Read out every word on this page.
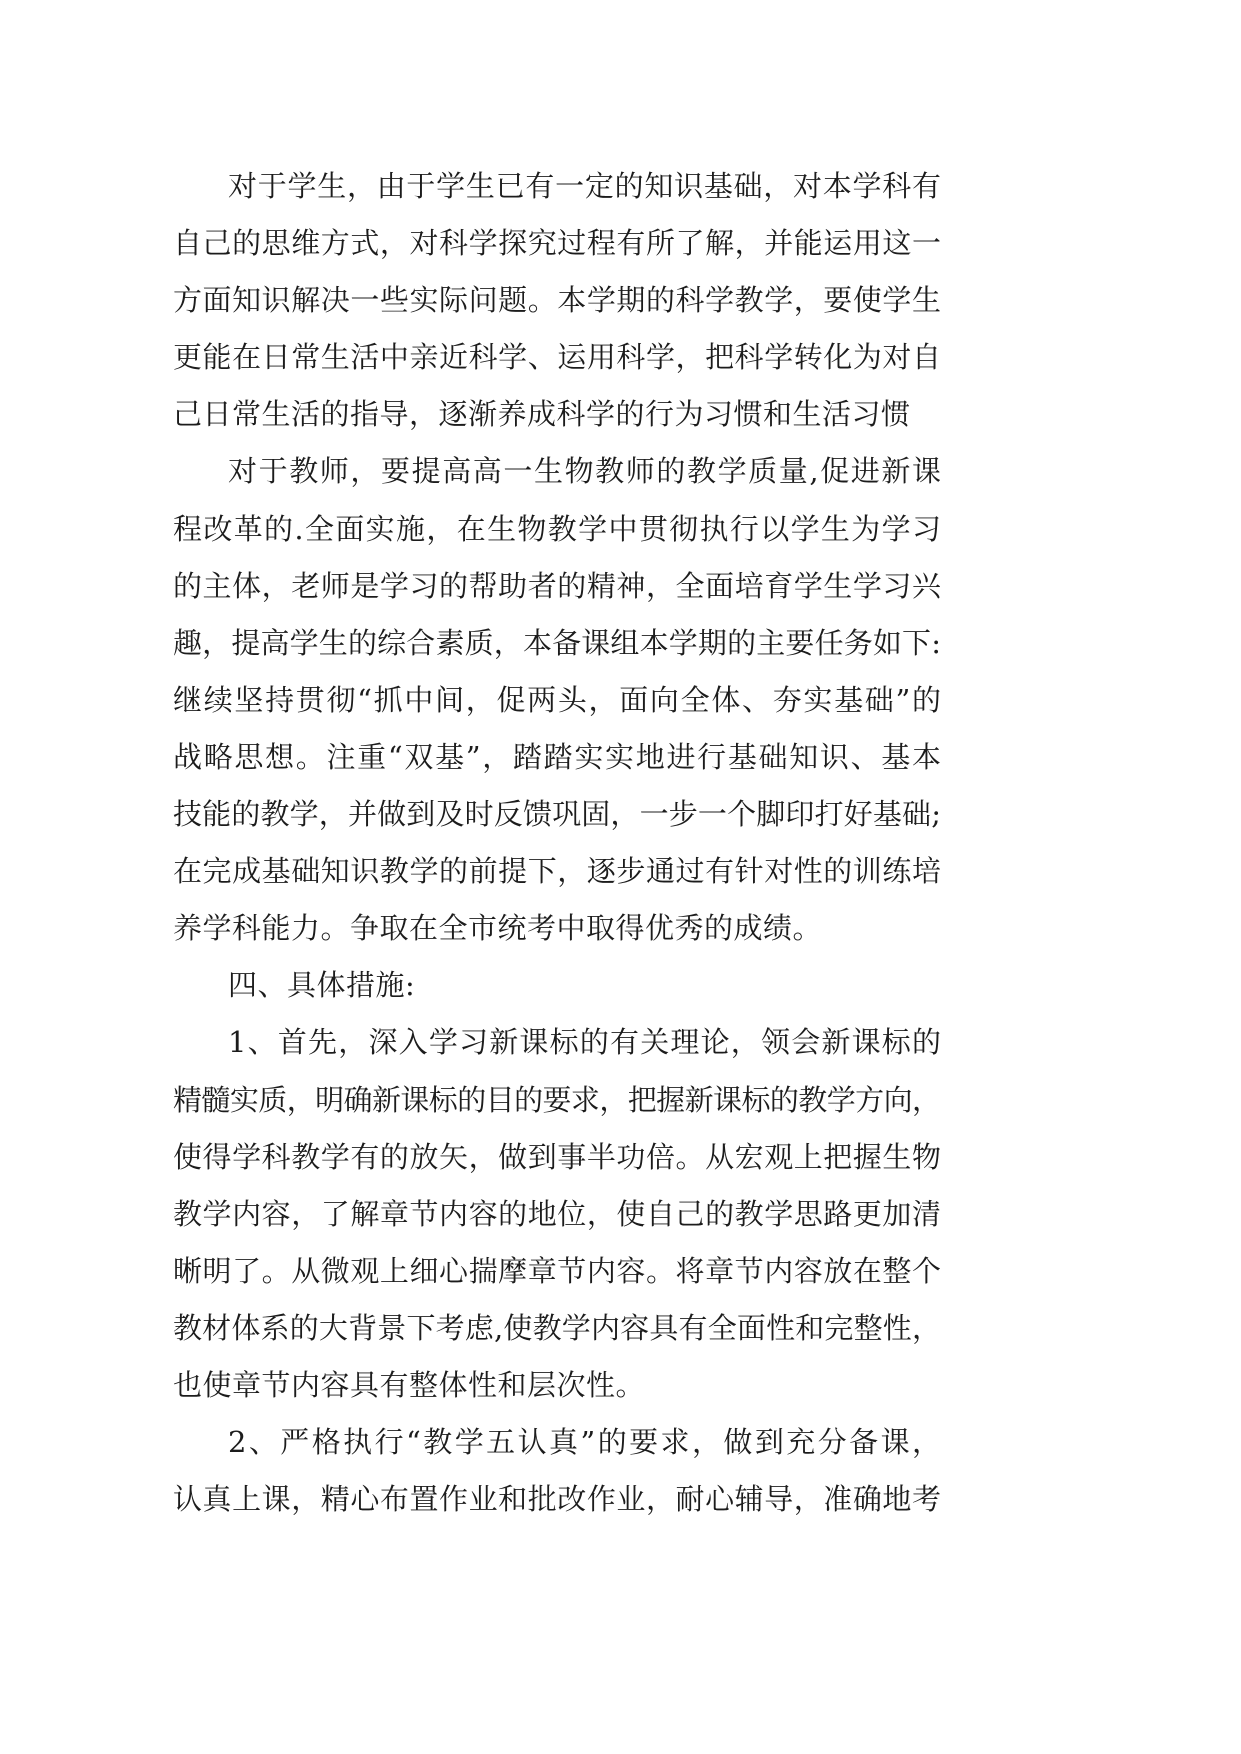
对于学生，由于学生已有一定的知识基础，对本学科有
自己的思维方式，对科学探究过程有所了解，并能运用这一
方面知识解决一些实际问题。本学期的科学教学，要使学生
更能在日常生活中亲近科学、运用科学，把科学转化为对自
己日常生活的指导，逐渐养成科学的行为习惯和生活习惯
对于教师，要提高高一生物教师的教学质量,促进新课
程改革的.全面实施，在生物教学中贯彻执行以学生为学习
的主体，老师是学习的帮助者的精神，全面培育学生学习兴
趣，提高学生的综合素质，本备课组本学期的主要任务如下:
继续坚持贯彻“抓中间，促两头，面向全体、夯实基础”的
战略思想。注重“双基”，踏踏实实地进行基础知识、基本
技能的教学，并做到及时反馈巩固，一步一个脚印打好基础;
在完成基础知识教学的前提下，逐步通过有针对性的训练培
养学科能力。争取在全市统考中取得优秀的成绩。
四、具体措施:
1、首先，深入学习新课标的有关理论，领会新课标的
精髓实质，明确新课标的目的要求，把握新课标的教学方向，
使得学科教学有的放矢，做到事半功倍。从宏观上把握生物
教学内容，了解章节内容的地位，使自己的教学思路更加清
晰明了。从微观上细心揣摩章节内容。将章节内容放在整个
教材体系的大背景下考虑,使教学内容具有全面性和完整性，
也使章节内容具有整体性和层次性。
2、严格执行“教学五认真”的要求，做到充分备课，
认真上课，精心布置作业和批改作业，耐心辅导，准确地考
